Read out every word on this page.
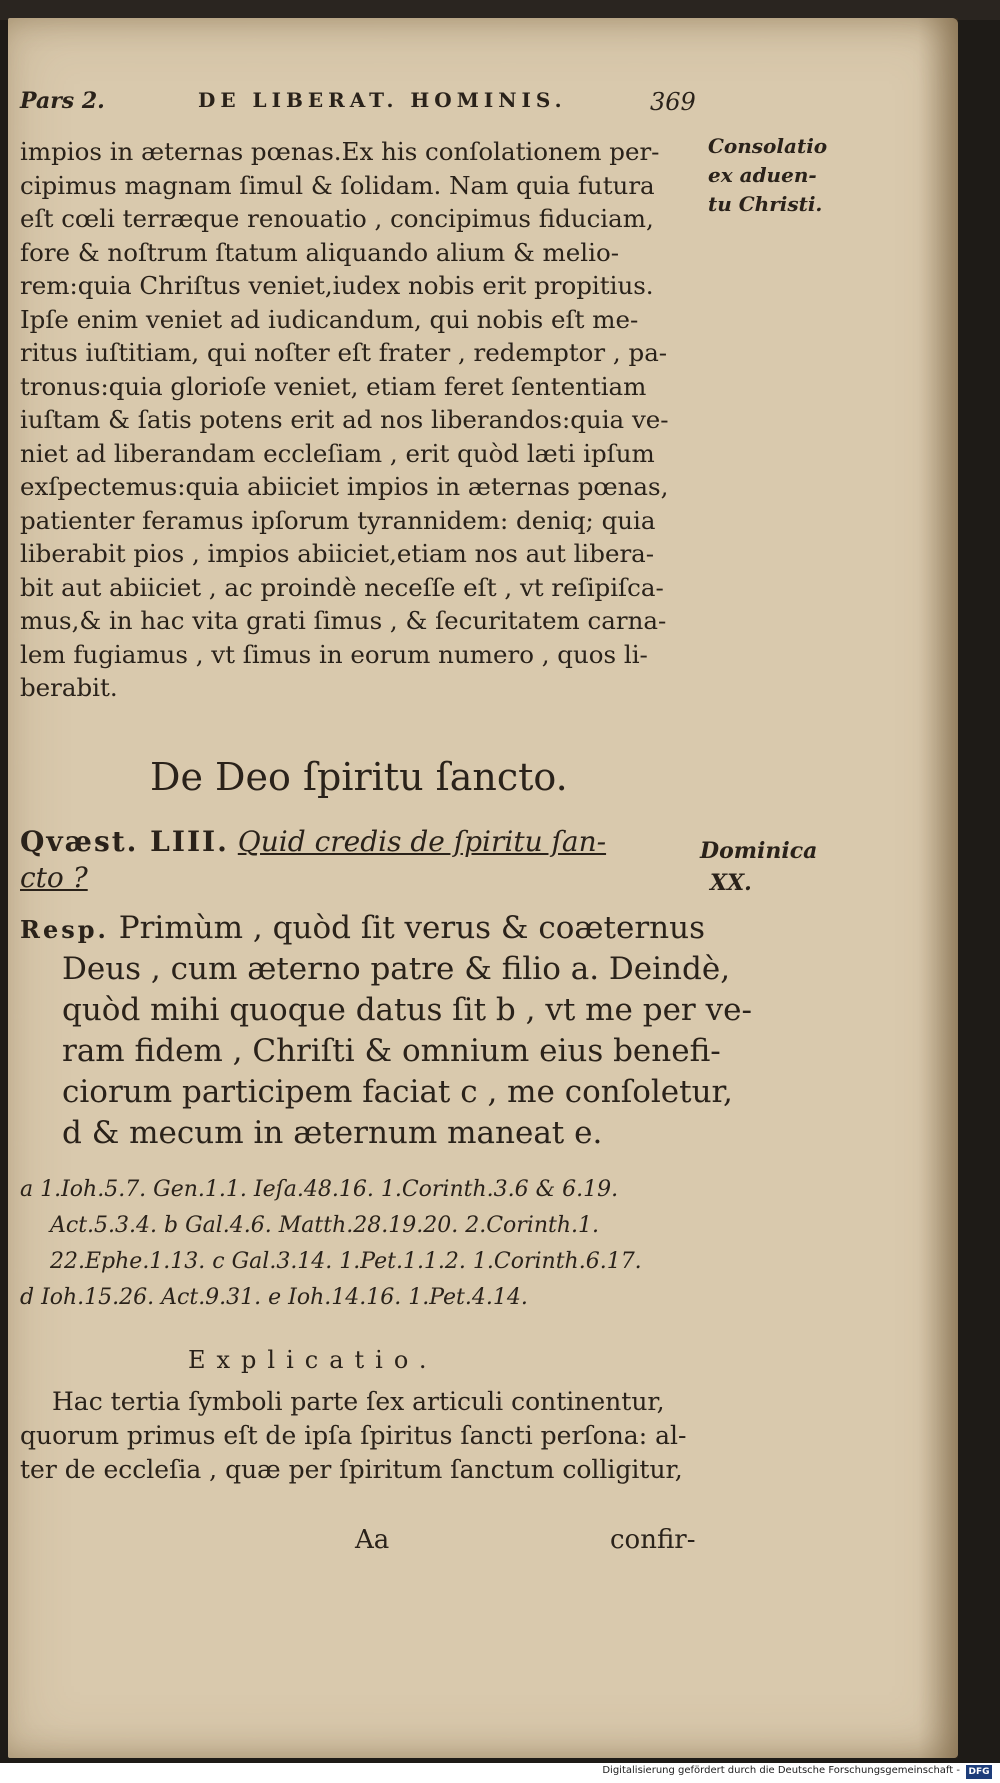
Pars 2.	DE LIBERAT. HOMINIS.	369
Consolatio
ex aduen-
tu Christi.
impios in æternas pœnas.Ex his conſolationem per-
cipimus magnam ſimul & ſolidam. Nam quia futura
eſt cœli terræque renouatio , concipimus fiduciam,
fore & noſtrum ſtatum aliquando alium & melio-
rem:quia Chriſtus veniet,iudex nobis erit propitius.
Ipſe enim veniet ad iudicandum, qui nobis eſt me-
ritus iuſtitiam, qui noſter eſt frater , redemptor , pa-
tronus:quia glorioſe veniet, etiam feret ſententiam
iuſtam & ſatis potens erit ad nos liberandos:quia ve-
niet ad liberandam eccleſiam , erit quòd læti ipſum
exſpectemus:quia abiiciet impios in æternas pœnas,
patienter feramus ipſorum tyrannidem: deniq; quia
liberabit pios , impios abiiciet,etiam nos aut libera-
bit aut abiiciet , ac proindè neceſſe eſt , vt reſipiſca-
mus,& in hac vita grati ſimus , & ſecuritatem carna-
lem fugiamus , vt ſimus in eorum numero , quos li-
berabit.
De Deo ſpiritu ſancto.
Qvæst. LIII. Quid credis de ſpiritu ſan-
cto ?
Dominica
XX.
Resp. Primùm , quòd ſit verus & coæternus
Deus , cum æterno patre & filio a. Deindè,
quòd mihi quoque datus ſit b , vt me per ve-
ram fidem , Chriſti & omnium eius benefi-
ciorum participem faciat c , me conſoletur,
d & mecum in æternum maneat e.
a 1.Ioh.5.7. Gen.1.1. Ieſa.48.16. 1.Corinth.3.6 & 6.19.
Act.5.3.4. b Gal.4.6. Matth.28.19.20. 2.Corinth.1.
22.Ephe.1.13. c Gal.3.14. 1.Pet.1.1.2. 1.Corinth.6.17.
d Ioh.15.26. Act.9.31. e Ioh.14.16. 1.Pet.4.14.
Explicatio.
Hac tertia ſymboli parte ſex articuli continentur,
quorum primus eſt de ipſa ſpiritus ſancti perſona: al-
ter de eccleſia , quæ per ſpiritum ſanctum colligitur,
Aa	confir-
Digitalisierung gefördert durch die Deutsche Forschungsgemeinschaft - DFG
